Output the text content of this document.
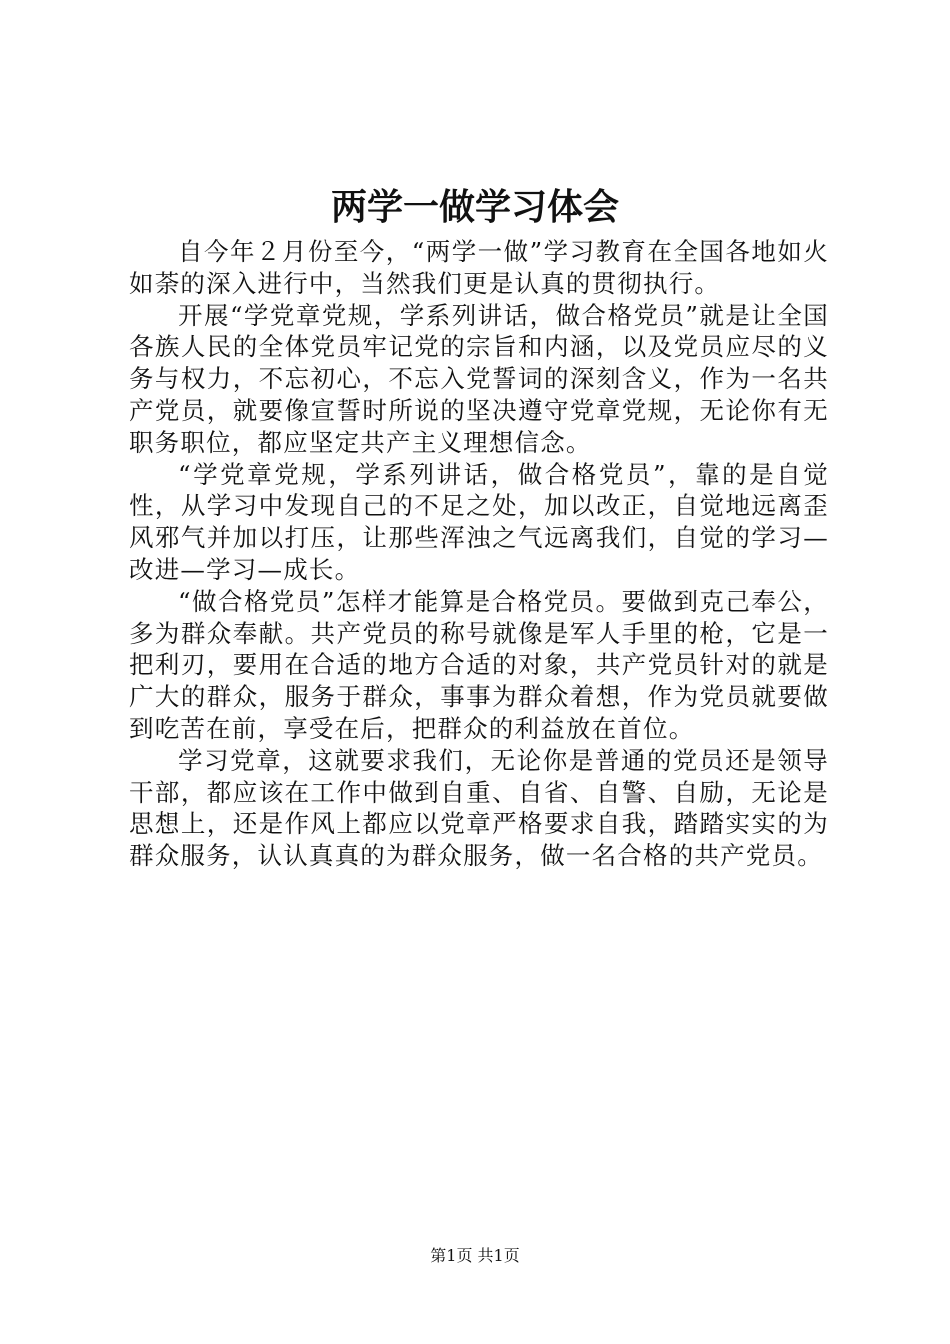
两学一做学习体会

自今年２月份至今，“两学一做”学习教育在全国各地如火如荼的深入进行中，当然我们更是认真的贯彻执行。

开展“学党章党规，学系列讲话，做合格党员”就是让全国各族人民的全体党员牢记党的宗旨和内涵，以及党员应尽的义务与权力，不忘初心，不忘入党誓词的深刻含义，作为一名共产党员，就要像宣誓时所说的坚决遵守党章党规，无论你有无职务职位，都应坚定共产主义理想信念。

“学党章党规，学系列讲话，做合格党员”，靠的是自觉性，从学习中发现自己的不足之处，加以改正，自觉地远离歪风邪气并加以打压，让那些浑浊之气远离我们，自觉的学习—改进—学习—成长。

“做合格党员”怎样才能算是合格党员。要做到克己奉公，多为群众奉献。共产党员的称号就像是军人手里的枪，它是一把利刃，要用在合适的地方合适的对象，共产党员针对的就是广大的群众，服务于群众，事事为群众着想，作为党员就要做到吃苦在前，享受在后，把群众的利益放在首位。

学习党章，这就要求我们，无论你是普通的党员还是领导干部，都应该在工作中做到自重、自省、自警、自励，无论是思想上，还是作风上都应以党章严格要求自我，踏踏实实的为群众服务，认认真真的为群众服务，做一名合格的共产党员。

第1页 共1页
